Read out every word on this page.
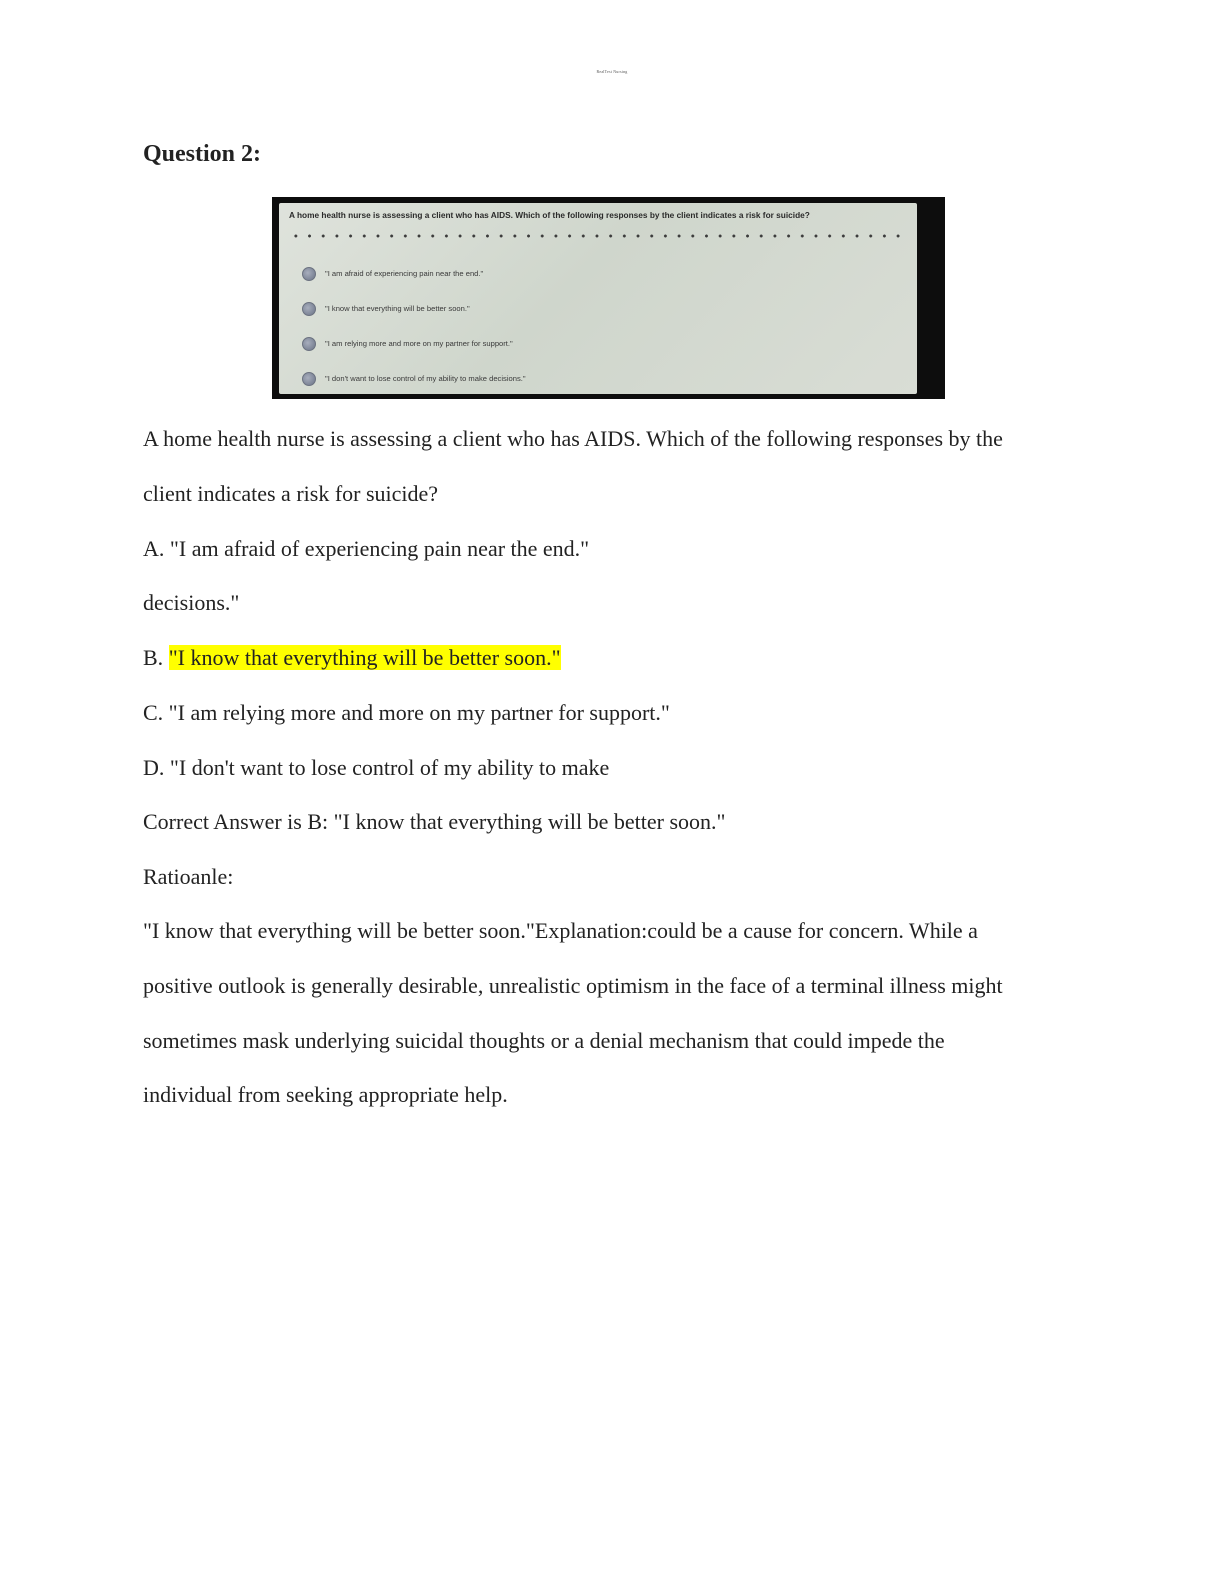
RealTest Nursing
Question 2:

A home health nurse is assessing a client who has AIDS. Which of the following responses by the client indicates a risk for suicide?

"I am afraid of experiencing pain near the end."
"I know that everything will be better soon."
"I am relying more and more on my partner for support."
"I don't want to lose control of my ability to make decisions."

A home health nurse is assessing a client who has AIDS. Which of the following responses by the

client indicates a risk for suicide?

A. "I am afraid of experiencing pain near the end."

decisions."

B. "I know that everything will be better soon."

C. "I am relying more and more on my partner for support."

D. "I don't want to lose control of my ability to make

Correct Answer is B: "I know that everything will be better soon."

Ratioanle:

"I know that everything will be better soon."Explanation:could be a cause for concern. While a

positive outlook is generally desirable, unrealistic optimism in the face of a terminal illness might

sometimes mask underlying suicidal thoughts or a denial mechanism that could impede the

individual from seeking appropriate help.
